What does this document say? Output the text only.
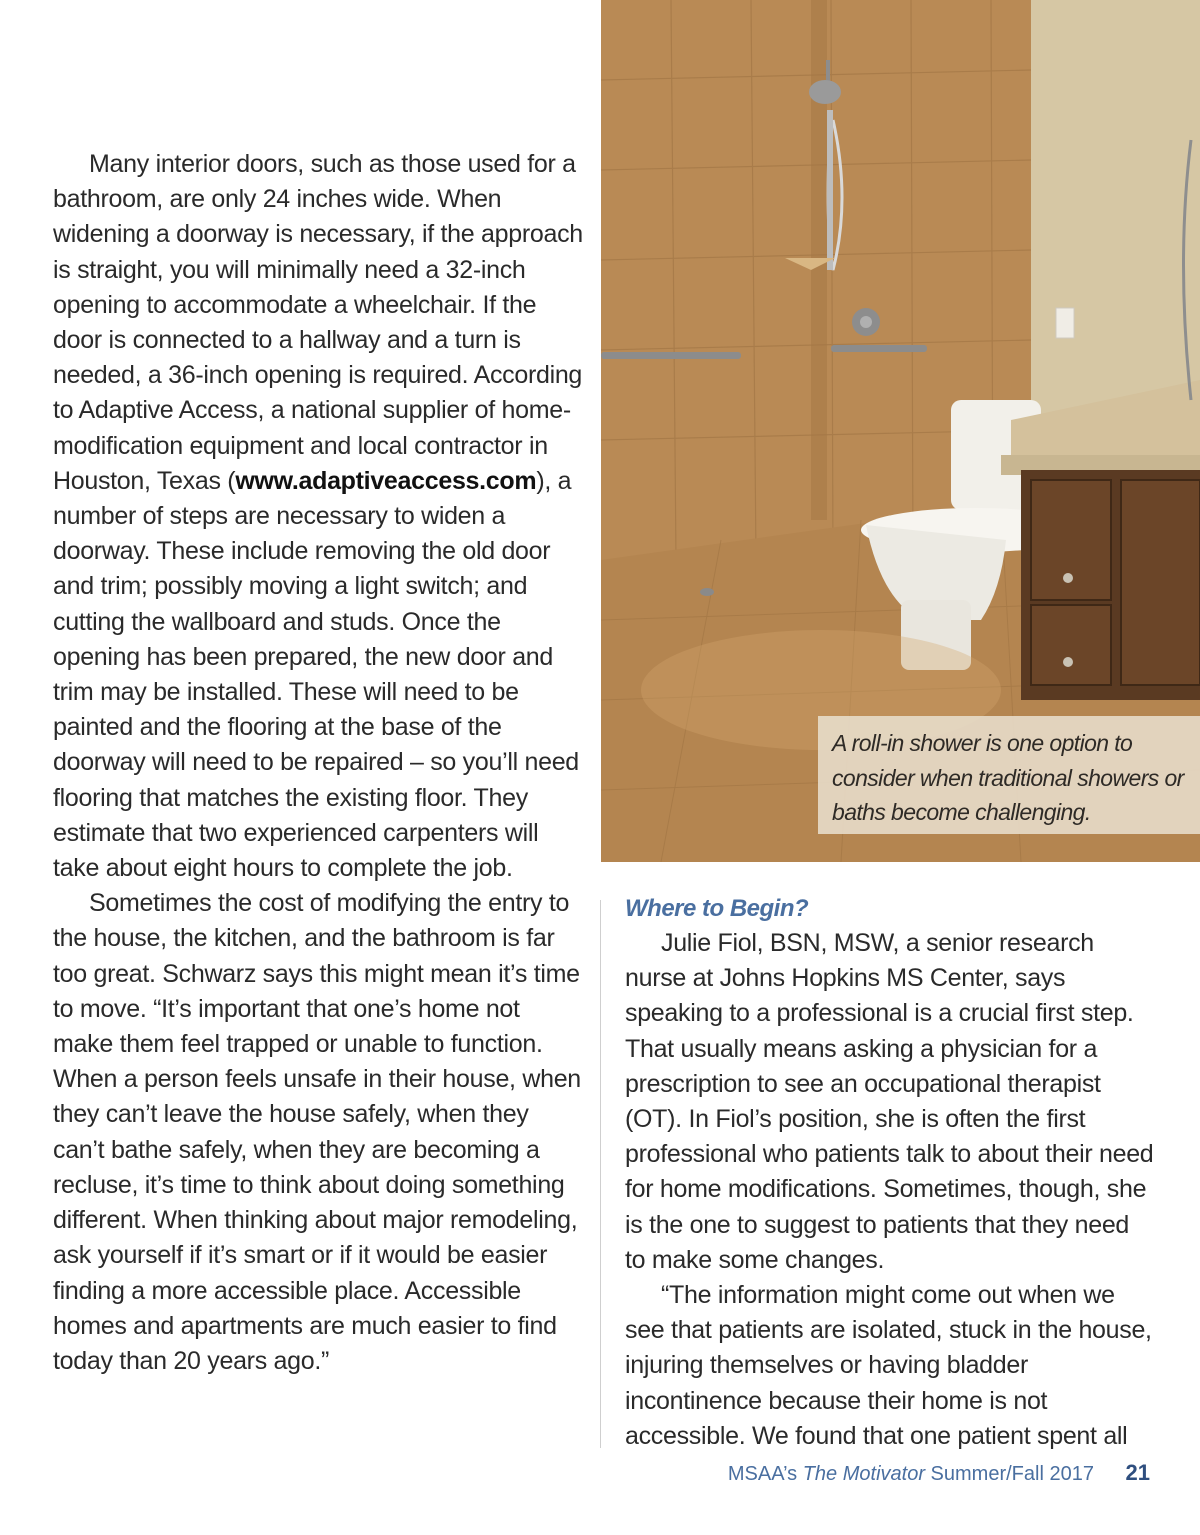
Many interior doors, such as those used for a bathroom, are only 24 inches wide. When widening a doorway is necessary, if the approach is straight, you will minimally need a 32-inch opening to accommodate a wheelchair. If the door is connected to a hallway and a turn is needed, a 36-inch opening is required. According to Adaptive Access, a national supplier of home-modification equipment and local contractor in Houston, Texas (www.adaptiveaccess.com), a number of steps are necessary to widen a doorway. These include removing the old door and trim; possibly moving a light switch; and cutting the wallboard and studs. Once the opening has been prepared, the new door and trim may be installed. These will need to be painted and the flooring at the base of the doorway will need to be repaired – so you’ll need flooring that matches the existing floor. They estimate that two experienced carpenters will take about eight hours to complete the job.

Sometimes the cost of modifying the entry to the house, the kitchen, and the bathroom is far too great. Schwarz says this might mean it’s time to move. “It’s important that one’s home not make them feel trapped or unable to function. When a person feels unsafe in their house, when they can’t leave the house safely, when they can’t bathe safely, when they are becoming a recluse, it’s time to think about doing something different. When thinking about major remodeling, ask yourself if it’s smart or if it would be easier finding a more accessible place. Accessible homes and apartments are much easier to find today than 20 years ago.”

A roll-in shower is one option to consider when traditional showers or baths become challenging.

Where to Begin?

Julie Fiol, BSN, MSW, a senior research nurse at Johns Hopkins MS Center, says speaking to a professional is a crucial first step. That usually means asking a physician for a prescription to see an occupational therapist (OT). In Fiol’s position, she is often the first professional who patients talk to about their need for home modifications. Sometimes, though, she is the one to suggest to patients that they need to make some changes.

“The information might come out when we see that patients are isolated, stuck in the house, injuring themselves or having bladder incontinence because their home is not accessible. We found that one patient spent all

MSAA’s The Motivator Summer/Fall 2017 21
